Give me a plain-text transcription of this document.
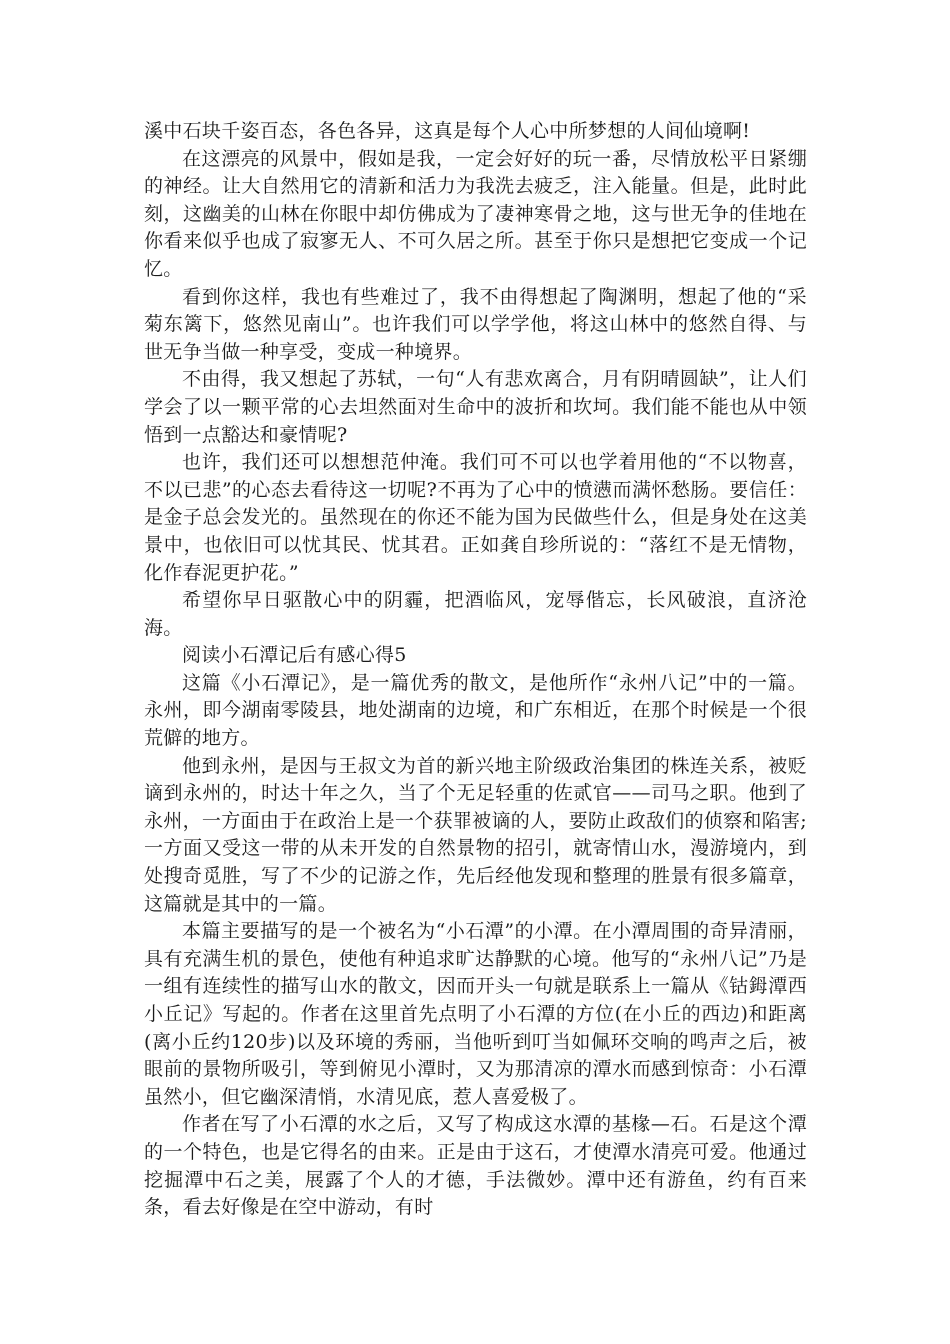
溪中石块千姿百态，各色各异，这真是每个人心中所梦想的人间仙境啊!

在这漂亮的风景中，假如是我，一定会好好的玩一番，尽情放松平日紧绷的神经。让大自然用它的清新和活力为我洗去疲乏，注入能量。但是，此时此刻，这幽美的山林在你眼中却仿佛成为了凄神寒骨之地，这与世无争的佳地在你看来似乎也成了寂寥无人、不可久居之所。甚至于你只是想把它变成一个记忆。

看到你这样，我也有些难过了，我不由得想起了陶渊明，想起了他的“采菊东篱下，悠然见南山”。也许我们可以学学他，将这山林中的悠然自得、与世无争当做一种享受，变成一种境界。

不由得，我又想起了苏轼，一句“人有悲欢离合，月有阴晴圆缺”，让人们学会了以一颗平常的心去坦然面对生命中的波折和坎坷。我们能不能也从中领悟到一点豁达和豪情呢?

也许，我们还可以想想范仲淹。我们可不可以也学着用他的“不以物喜，不以已悲”的心态去看待这一切呢?不再为了心中的愤懑而满怀愁肠。要信任：是金子总会发光的。虽然现在的你还不能为国为民做些什么，但是身处在这美景中，也依旧可以忧其民、忧其君。正如龚自珍所说的：“落红不是无情物，化作春泥更护花。”

希望你早日驱散心中的阴霾，把酒临风，宠辱偕忘，长风破浪，直济沧海。

阅读小石潭记后有感心得5

这篇《小石潭记》，是一篇优秀的散文，是他所作“永州八记”中的一篇。永州，即今湖南零陵县，地处湖南的边境，和广东相近，在那个时候是一个很荒僻的地方。

他到永州，是因与王叔文为首的新兴地主阶级政治集团的株连关系，被贬谪到永州的，时达十年之久，当了个无足轻重的佐贰官——司马之职。他到了永州，一方面由于在政治上是一个获罪被谪的人，要防止政敌们的侦察和陷害;一方面又受这一带的从未开发的自然景物的招引，就寄情山水，漫游境内，到处搜奇觅胜，写了不少的记游之作，先后经他发现和整理的胜景有很多篇章，这篇就是其中的一篇。

本篇主要描写的是一个被名为“小石潭”的小潭。在小潭周围的奇异清丽，具有充满生机的景色，使他有种追求旷达静默的心境。他写的“永州八记”乃是一组有连续性的描写山水的散文，因而开头一句就是联系上一篇从《钴鉧潭西小丘记》写起的。作者在这里首先点明了小石潭的方位(在小丘的西边)和距离(离小丘约120步)以及环境的秀丽，当他听到叮当如佩环交响的鸣声之后，被眼前的景物所吸引，等到俯见小潭时，又为那清凉的潭水而感到惊奇：小石潭虽然小，但它幽深清悄，水清见底，惹人喜爱极了。

作者在写了小石潭的水之后，又写了构成这水潭的基椽—石。石是这个潭的一个特色，也是它得名的由来。正是由于这石，才使潭水清亮可爱。他通过挖掘潭中石之美，展露了个人的才德，手法微妙。潭中还有游鱼，约有百来条，看去好像是在空中游动，有时
